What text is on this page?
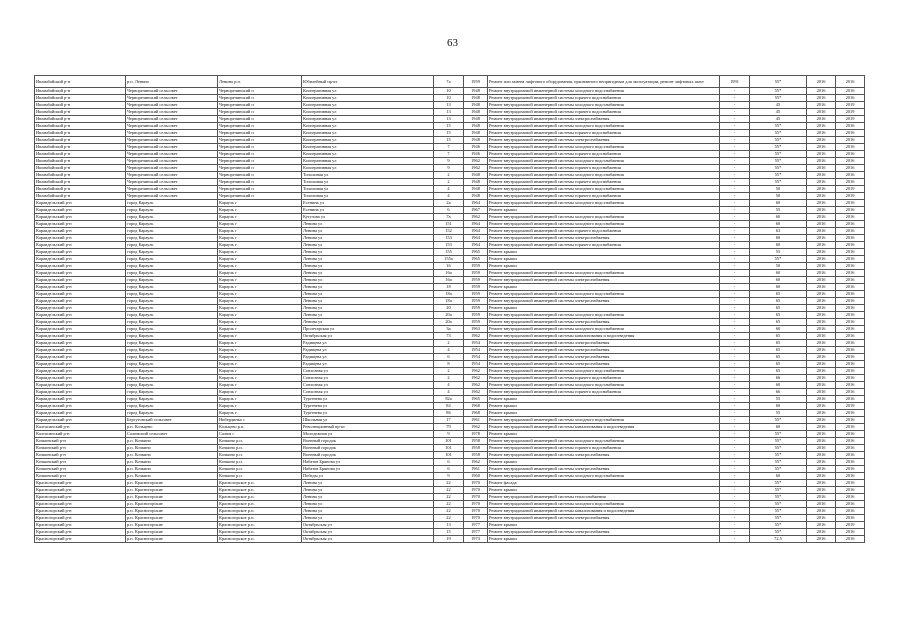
63
Ишимбайский р-н	р.п. Ленино	Ленино р.п.	Юбилейный пр-кт	7а	1959	Ремонт или замена лифтового оборудования, признанного непригодным для эксплуатации, ремонт лифтовых шахт	1991	55*	2016	2016
Ишимбайский р-н	Черноречинский сельсовет	Черноречинский п	Кооперативная ул	10	1948	Ремонт внутридомовой инженерной системы холодного водоснабжения	-	55*	2016	2016
Ишимбайский р-н	Черноречинский сельсовет	Черноречинский п	Кооперативная ул	10	1948	Ремонт внутридомовой инженерной системы горячего водоснабжения	-	55*	2016	2016
Ишимбайский р-н	Черноречинский сельсовет	Черноречинский п	Кооперативная ул	13	1948	Ремонт внутридомовой инженерной системы холодного водоснабжения	-	45	2016	2019
Ишимбайский р-н	Черноречинский сельсовет	Черноречинский п	Кооперативная ул	13	1948	Ремонт внутридомовой инженерной системы горячего водоснабжения	-	45	2016	2019
Ишимбайский р-н	Черноречинский сельсовет	Черноречинский п	Кооперативная ул	13	1948	Ремонт внутридомовой инженерной системы электроснабжения	-	45	2016	2019
Ишимбайский р-н	Черноречинский сельсовет	Черноречинский п	Кооперативная ул	15	1948	Ремонт внутридомовой инженерной системы холодного водоснабжения	-	55*	2016	2016
Ишимбайский р-н	Черноречинский сельсовет	Черноречинский п	Кооперативная ул	15	1948	Ремонт внутридомовой инженерной системы горячего водоснабжения	-	55*	2016	2016
Ишимбайский р-н	Черноречинский сельсовет	Черноречинский п	Кооперативная ул	15	1948	Ремонт внутридомовой инженерной системы электроснабжения	-	55*	2016	2016
Ишимбайский р-н	Черноречинский сельсовет	Черноречинский п	Кооперативная ул	7	1946	Ремонт внутридомовой инженерной системы холодного водоснабжения	-	55*	2016	2016
Ишимбайский р-н	Черноречинский сельсовет	Черноречинский п	Кооперативная ул	7	1946	Ремонт внутридомовой инженерной системы горячего водоснабжения	-	55*	2016	2016
Ишимбайский р-н	Черноречинский сельсовет	Черноречинский п	Кооперативная ул	9	1962	Ремонт внутридомовой инженерной системы холодного водоснабжения	-	55*	2016	2016
Ишимбайский р-н	Черноречинский сельсовет	Черноречинский п	Кооперативная ул	9	1962	Ремонт внутридомовой инженерной системы горячего водоснабжения	-	55*	2016	2016
Ишимбайский р-н	Черноречинский сельсовет	Черноречинский п	Тополиная ул	2	1948	Ремонт внутридомовой инженерной системы холодного водоснабжения	-	55*	2016	2016
Ишимбайский р-н	Черноречинский сельсовет	Черноречинский п	Тополиная ул	2	1948	Ремонт внутридомовой инженерной системы горячего водоснабжения	-	55*	2016	2016
Ишимбайский р-н	Черноречинский сельсовет	Черноречинский п	Тополиная ул	4	1948	Ремонт внутридомовой инженерной системы холодного водоснабжения	-	50	2016	2019
Ишимбайский р-н	Черноречинский сельсовет	Черноречинский п	Тополиная ул	4	1948	Ремонт внутридомовой инженерной системы горячего водоснабжения	-	50	2016	2019
Караидельский р-н	город Карауль	Карауль г	Есенина ул	2а	1964	Ремонт внутридомовой инженерной системы холодного водоснабжения	-	60	2016	2016
Караидельский р-н	город Карауль	Карауль г	Есенина ул	6	1967	Ремонт крыши	-	55	2016	2016
Караидельский р-н	город Карауль	Карауль г	Кутузова ул	7а	1962	Ремонт внутридомовой инженерной системы холодного водоснабжения	-	60	2016	2016
Караидельский р-н	город Карауль	Карауль г	Ленина ул	151	1964	Ремонт внутридомовой инженерной системы холодного водоснабжения	-	60	2016	2016
Караидельский р-н	город Карауль	Карауль г	Ленина ул	152	1964	Ремонт внутридомовой инженерной системы горячего водоснабжения	-	63	2016	2016
Караидельский р-н	город Карауль	Карауль г	Ленина ул	153	1964	Ремонт внутридомовой инженерной системы электроснабжения	-	60	2016	2016
Караидельский р-н	город Карауль	Карауль г	Ленина ул	153	1964	Ремонт внутридомовой инженерной системы горячего водоснабжения	-	60	2016	2016
Караидельский р-н	город Карауль	Карауль г	Ленина ул	155	1965	Ремонт крыши	-	55	2016	2016
Караидельский р-н	город Карауль	Карауль г	Ленина ул	155а	1965	Ремонт крыши	-	55*	2016	2016
Караидельский р-н	город Карауль	Карауль г	Ленина ул	16	1959	Ремонт крыши	-	50	2016	2016
Караидельский р-н	город Карауль	Карауль г	Ленина ул	16а	1959	Ремонт внутридомовой инженерной системы холодного водоснабжения	-	60	2016	2016
Караидельский р-н	город Карауль	Карауль г	Ленина ул	16а	1959	Ремонт внутридомовой инженерной системы электроснабжения	-	60	2016	2016
Караидельский р-н	город Карауль	Карауль г	Ленина ул	18	1959	Ремонт крыши	-	60	2016	2016
Караидельский р-н	город Карауль	Карауль г	Ленина ул	18а	1959	Ремонт внутридомовой инженерной системы холодного водоснабжения	-	65	2016	2016
Караидельский р-н	город Карауль	Карауль г	Ленина ул	18а	1959	Ремонт внутридомовой инженерной системы электроснабжения	-	65	2016	2016
Караидельский р-н	город Карауль	Карауль г	Ленина ул	20	1959	Ремонт крыши	-	65	2016	2016
Караидельский р-н	город Карауль	Карауль г	Ленина ул	20а	1959	Ремонт внутридомовой инженерной системы холодного водоснабжения	-	65	2016	2016
Караидельский р-н	город Карауль	Карауль г	Ленина ул	20а	1959	Ремонт внутридомовой инженерной системы электроснабжения	-	65	2016	2016
Караидельский р-н	город Карауль	Карауль г	Пролетарская ул	3а	1963	Ремонт внутридомовой инженерной системы холодного водоснабжения	-	60	2016	2016
Караидельский р-н	город Карауль	Карауль г	Октябрьская ул	73	1962	Ремонт внутридомовой инженерной системы канализования и водоотведения	-	65	2016	2016
Караидельский р-н	город Карауль	Карауль г	Радищева ул	2	1954	Ремонт внутридомовой инженерной системы электроснабжения	-	65	2016	2016
Караидельский р-н	город Карауль	Карауль г	Радищева ул	4	1954	Ремонт внутридомовой инженерной системы электроснабжения	-	65	2016	2016
Караидельский р-н	город Карауль	Карауль г	Радищева ул	6	1954	Ремонт внутридомовой инженерной системы электроснабжения	-	65	2016	2016
Караидельский р-н	город Карауль	Карауль г	Радищева ул	8	1954	Ремонт внутридомовой инженерной системы электроснабжения	-	65	2016	2016
Караидельский р-н	город Карауль	Карауль г	Совхозная ул	2	1962	Ремонт внутридомовой инженерной системы холодного водоснабжения	-	65	2016	2016
Караидельский р-н	город Карауль	Карауль г	Совхозная ул	2	1962	Ремонт внутридомовой инженерной системы горячего водоснабжения	-	66	2016	2016
Караидельский р-н	город Карауль	Карауль г	Совхозная ул	4	1962	Ремонт внутридомовой инженерной системы холодного водоснабжения	-	60	2016	2016
Караидельский р-н	город Карауль	Карауль г	Совхозная ул	4	1962	Ремонт внутридомовой инженерной системы горячего водоснабжения	-	66	2016	2016
Караидельский р-н	город Карауль	Карауль г	Тургенева ул	82а	1965	Ремонт крыши	-	55	2016	2016
Караидельский р-н	город Карауль	Карауль г	Тургенева ул	84	1968	Ремонт крыши	-	60	2016	2019
Караидельский р-н	город Карауль	Карауль г	Тургенева ул	86	1968	Ремонт крыши	-	55	2016	2016
Караидельский р-н	Бергутовский сельсовет	Нибердинка с	Школьная ул	17	1961	Ремонт внутридомовой инженерной системы холодного водоснабжения	-	55*	2016	2016
Калтасинский р-н	р.п. Кольцево	Кольцево р.п.	Революционный пр-кт	79	1962	Ремонт внутридомовой инженерной системы канализования и водоотведения	-	60	2016	2016
Калтасинский р-н	Салимский сельсовет	Салим с	Молодежная ул	9	1978	Ремонт крыши	-	55*	2016	2016
Кочкинский р-н	р.п. Кочкино	Кочкино р.п.	Военный городок	101	1958	Ремонт внутридомовой инженерной системы холодного водоснабжения	-	55*	2016	2016
Кочкинский р-н	р.п. Кочкино	Кочкино р.п.	Военный городок	101	1958	Ремонт внутридомовой инженерной системы горячего водоснабжения	-	55*	2016	2016
Кочкинский р-н	р.п. Кочкино	Кочкино р.п.	Военный городок	101	1958	Ремонт внутридомовой инженерной системы электроснабжения	-	55*	2016	2016
Кочкинский р-н	р.п. Кочкино	Кочкино р.п.	Набатов Брянова ул	6	1962	Ремонт крыши	-	55*	2016	2016
Кочкинский р-н	р.п. Кочкино	Кочкино р.п.	Набатов Брянова ул	6	1961	Ремонт внутридомовой инженерной системы электроснабжения	-	55*	2016	2016
Кочкинский р-н	р.п. Кочкино	Кочкино р.п.	Победы ул	9	1960	Ремонт внутридомовой инженерной системы холодного водоснабжения	-	60	2016	2016
Красногорский р-н	р.п. Красногорские	Красногорское р.п.	Ленина ул	22	1970	Ремонт фасада	-	55*	2016	2016
Красногорский р-н	р.п. Красногорские	Красногорское р.п.	Ленина ул	22	1970	Ремонт крыши	-	55*	2016	2016
Красногорский р-н	р.п. Красногорские	Красногорское р.п.	Ленина ул	22	1970	Ремонт внутридомовой инженерной системы теплоснабжения	-	55*	2016	2016
Красногорский р-н	р.п. Красногорские	Красногорское р.п.	Ленина ул	22	1970	Ремонт внутридомовой инженерной системы холодного водоснабжения	-	55*	2016	2016
Красногорский р-н	р.п. Красногорские	Красногорское р.п.	Ленина ул	22	1970	Ремонт внутридомовой инженерной системы канализования и водоотведения	-	55*	2016	2016
Красногорский р-н	р.п. Красногорские	Красногорское р.п.	Ленина ул	22	1970	Ремонт внутридомовой инженерной системы электроснабжения	-	55*	2016	2016
Красногорский р-н	р.п. Красногорские	Красногорское р.п.	Октябрьская ул	13	1977	Ремонт крыши	-	55*	2016	2019
Красногорский р-н	р.п. Красногорские	Красногорское р.п.	Октябрьская ул	15	1977	Ремонт внутридомовой инженерной системы электроснабжения	-	55*	2016	2016
Красногорский р-н	р.п. Красногорские	Красногорское р.п.	Октябрьская ул	19	1973	Ремонт крыши	-	72.5	2016	2016
